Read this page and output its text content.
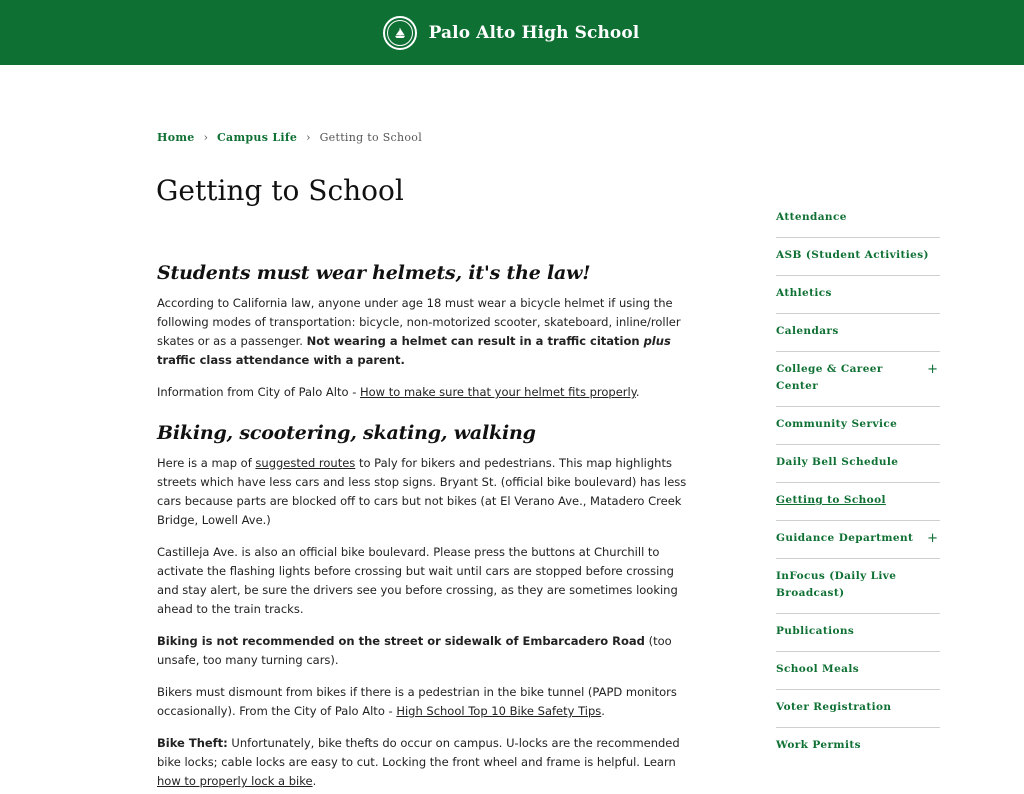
Palo Alto High School
Home › Campus Life › Getting to School
Getting to School
Students must wear helmets, it's the law!

According to California law, anyone under age 18 must wear a bicycle helmet if using the following modes of transportation: bicycle, non-motorized scooter, skateboard, inline/roller skates or as a passenger. Not wearing a helmet can result in a traffic citation plus traffic class attendance with a parent.

Information from City of Palo Alto - How to make sure that your helmet fits properly.

Biking, scootering, skating, walking

Here is a map of suggested routes to Paly for bikers and pedestrians. This map highlights streets which have less cars and less stop signs. Bryant St. (official bike boulevard) has less cars because parts are blocked off to cars but not bikes (at El Verano Ave., Matadero Creek Bridge, Lowell Ave.)

Castilleja Ave. is also an official bike boulevard. Please press the buttons at Churchill to activate the flashing lights before crossing but wait until cars are stopped before crossing and stay alert, be sure the drivers see you before crossing, as they are sometimes looking ahead to the train tracks.

Biking is not recommended on the street or sidewalk of Embarcadero Road (too unsafe, too many turning cars).

Bikers must dismount from bikes if there is a pedestrian in the bike tunnel (PAPD monitors occasionally). From the City of Palo Alto - High School Top 10 Bike Safety Tips.

Bike Theft: Unfortunately, bike thefts do occur on campus. U-locks are the recommended bike locks; cable locks are easy to cut. Locking the front wheel and frame is helpful. Learn how to properly lock a bike.

Attendance
ASB (Student Activities)
Athletics
Calendars
College & Career Center
+
Community Service
Daily Bell Schedule
Getting to School
Guidance Department +
InFocus (Daily Live Broadcast)
Publications
School Meals
Voter Registration
Work Permits
